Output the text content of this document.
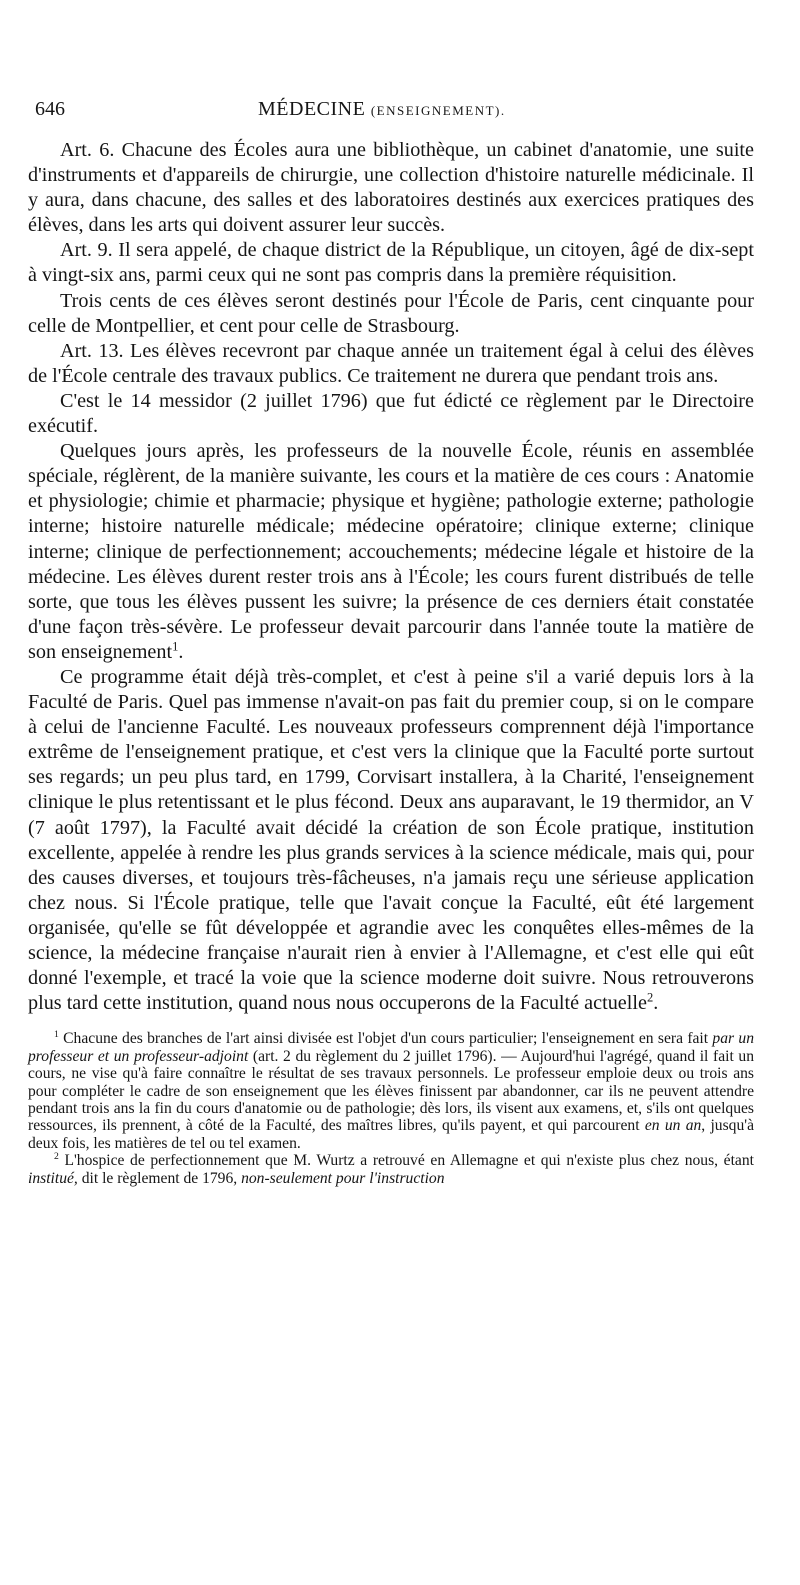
646	MÉDECINE (ENSEIGNEMENT).

Art. 6. Chacune des Écoles aura une bibliothèque, un cabinet d'anatomie, une suite d'instruments et d'appareils de chirurgie, une collection d'histoire naturelle médicinale. Il y aura, dans chacune, des salles et des laboratoires destinés aux exercices pratiques des élèves, dans les arts qui doivent assurer leur succès.

Art. 9. Il sera appelé, de chaque district de la République, un citoyen, âgé de dix-sept à vingt-six ans, parmi ceux qui ne sont pas compris dans la première réquisition.

Trois cents de ces élèves seront destinés pour l'École de Paris, cent cinquante pour celle de Montpellier, et cent pour celle de Strasbourg.

Art. 13. Les élèves recevront par chaque année un traitement égal à celui des élèves de l'École centrale des travaux publics. Ce traitement ne durera que pendant trois ans.

C'est le 14 messidor (2 juillet 1796) que fut édicté ce règlement par le Directoire exécutif.

Quelques jours après, les professeurs de la nouvelle École, réunis en assemblée spéciale, réglèrent, de la manière suivante, les cours et la matière de ces cours : Anatomie et physiologie; chimie et pharmacie; physique et hygiène; pathologie externe; pathologie interne; histoire naturelle médicale; médecine opératoire; clinique externe; clinique interne; clinique de perfectionnement; accouchements; médecine légale et histoire de la médecine. Les élèves durent rester trois ans à l'École; les cours furent distribués de telle sorte, que tous les élèves pussent les suivre; la présence de ces derniers était constatée d'une façon très-sévère. Le professeur devait parcourir dans l'année toute la matière de son enseignement$^1$.

Ce programme était déjà très-complet, et c'est à peine s'il a varié depuis lors à la Faculté de Paris. Quel pas immense n'avait-on pas fait du premier coup, si on le compare à celui de l'ancienne Faculté. Les nouveaux professeurs comprennent déjà l'importance extrême de l'enseignement pratique, et c'est vers la clinique que la Faculté porte surtout ses regards; un peu plus tard, en 1799, Corvisart installera, à la Charité, l'enseignement clinique le plus retentissant et le plus fécond. Deux ans auparavant, le 19 thermidor, an V (7 août 1797), la Faculté avait décidé la création de son École pratique, institution excellente, appelée à rendre les plus grands services à la science médicale, mais qui, pour des causes diverses, et toujours très-fâcheuses, n'a jamais reçu une sérieuse application chez nous. Si l'École pratique, telle que l'avait conçue la Faculté, eût été largement organisée, qu'elle se fût développée et agrandie avec les conquêtes elles-mêmes de la science, la médecine française n'aurait rien à envier à l'Allemagne, et c'est elle qui eût donné l'exemple, et tracé la voie que la science moderne doit suivre. Nous retrouverons plus tard cette institution, quand nous nous occuperons de la Faculté actuelle$^2$.

$^1$ Chacune des branches de l'art ainsi divisée est l'objet d'un cours particulier; l'enseignement en sera fait par un professeur et un professeur-adjoint (art. 2 du règlement du 2 juillet 1796). — Aujourd'hui l'agrégé, quand il fait un cours, ne vise qu'à faire connaître le résultat de ses travaux personnels. Le professeur emploie deux ou trois ans pour compléter le cadre de son enseignement que les élèves finissent par abandonner, car ils ne peuvent attendre pendant trois ans la fin du cours d'anatomie ou de pathologie; dès lors, ils visent aux examens, et, s'ils ont quelques ressources, ils prennent, à côté de la Faculté, des maîtres libres, qu'ils payent, et qui parcourent en un an, jusqu'à deux fois, les matières de tel ou tel examen.

$^2$ L'hospice de perfectionnement que M. Wurtz a retrouvé en Allemagne et qui n'existe plus chez nous, étant institué, dit le règlement de 1796, non-seulement pour l'instruction
